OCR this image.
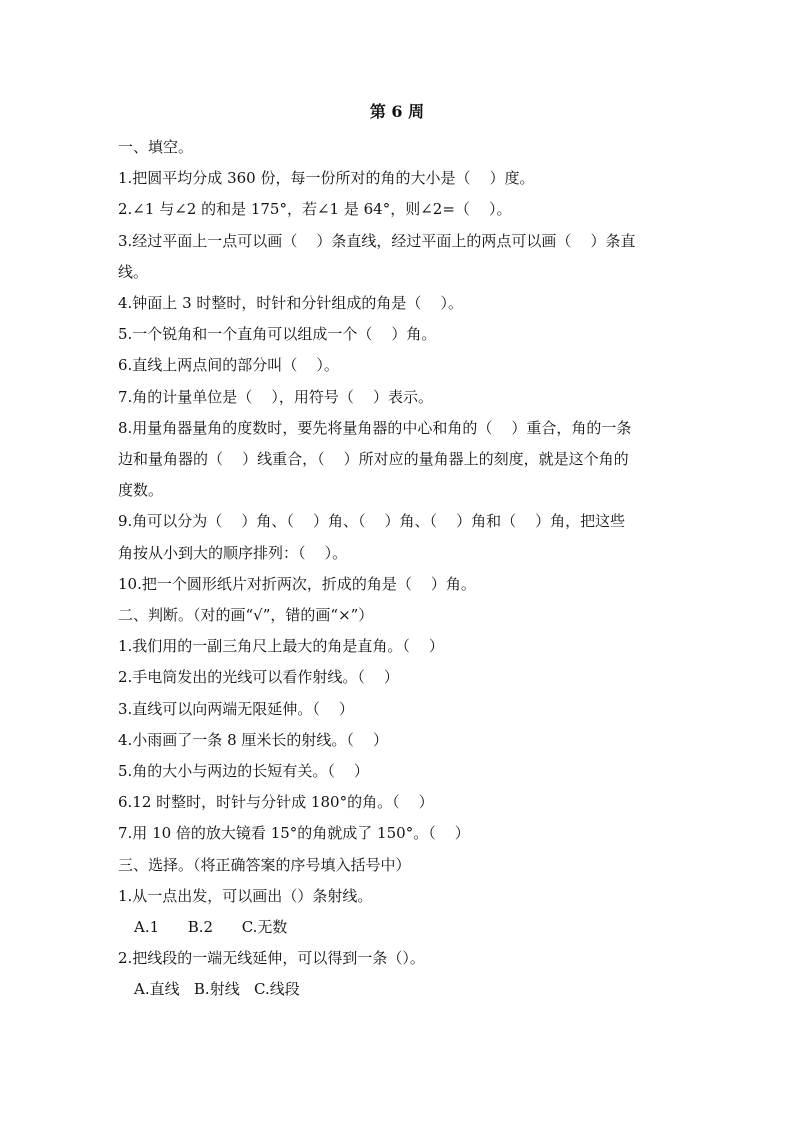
第 6 周
一、填空。
1.把圆平均分成 360 份，每一份所对的角的大小是（    ）度。
2.∠1 与∠2 的和是 175°，若∠1 是 64°，则∠2=（    ）。
3.经过平面上一点可以画（    ）条直线，经过平面上的两点可以画（    ）条直
线。
4.钟面上 3 时整时，时针和分针组成的角是（    ）。
5.一个锐角和一个直角可以组成一个（    ）角。
6.直线上两点间的部分叫（    ）。
7.角的计量单位是（    ），用符号（    ）表示。
8.用量角器量角的度数时，要先将量角器的中心和角的（    ）重合，角的一条
边和量角器的（    ）线重合，（    ）所对应的量角器上的刻度，就是这个角的
度数。
9.角可以分为（    ）角、（    ）角、（    ）角、（    ）角和（    ）角，把这些
角按从小到大的顺序排列：（    ）。
10.把一个圆形纸片对折两次，折成的角是（    ）角。
二、判断。（对的画“√”，错的画“×”）
1.我们用的一副三角尺上最大的角是直角。（    ）
2.手电筒发出的光线可以看作射线。（    ）
3.直线可以向两端无限延伸。（    ）
4.小雨画了一条 8 厘米长的射线。（    ）
5.角的大小与两边的长短有关。（    ）
6.12 时整时，时针与分针成 180°的角。（    ）
7.用 10 倍的放大镜看 15°的角就成了 150°。（    ）
三、选择。（将正确答案的序号填入括号中）
1.从一点出发，可以画出（）条射线。
A.1      B.2      C.无数
2.把线段的一端无线延伸，可以得到一条（）。
A.直线   B.射线   C.线段
